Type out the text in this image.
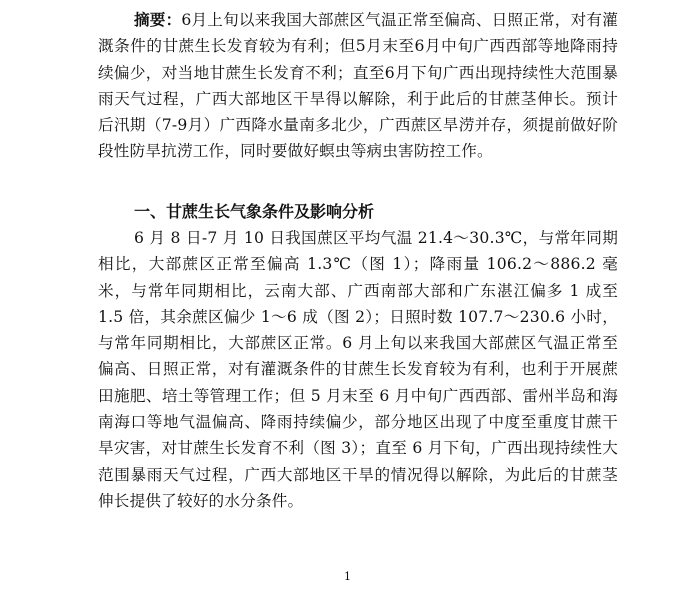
摘要：6月上旬以来我国大部蔗区气温正常至偏高、日照正常，对有灌溉条件的甘蔗生长发育较为有利；但5月末至6月中旬广西西部等地降雨持续偏少，对当地甘蔗生长发育不利；直至6月下旬广西出现持续性大范围暴雨天气过程，广西大部地区干旱得以解除，利于此后的甘蔗茎伸长。预计后汛期（7-9月）广西降水量南多北少，广西蔗区旱涝并存，须提前做好阶段性防旱抗涝工作，同时要做好螟虫等病虫害防控工作。

一、甘蔗生长气象条件及影响分析

6 月 8 日-7 月 10 日我国蔗区平均气温 21.4～30.3℃，与常年同期相比，大部蔗区正常至偏高 1.3℃（图 1）；降雨量 106.2～886.2 毫米，与常年同期相比，云南大部、广西南部大部和广东湛江偏多 1 成至 1.5 倍，其余蔗区偏少 1～6 成（图 2）；日照时数 107.7～230.6 小时，与常年同期相比，大部蔗区正常。6 月上旬以来我国大部蔗区气温正常至偏高、日照正常，对有灌溉条件的甘蔗生长发育较为有利，也利于开展蔗田施肥、培土等管理工作；但 5 月末至 6 月中旬广西西部、雷州半岛和海南海口等地气温偏高、降雨持续偏少，部分地区出现了中度至重度甘蔗干旱灾害，对甘蔗生长发育不利（图 3）；直至 6 月下旬，广西出现持续性大范围暴雨天气过程，广西大部地区干旱的情况得以解除，为此后的甘蔗茎伸长提供了较好的水分条件。

1
